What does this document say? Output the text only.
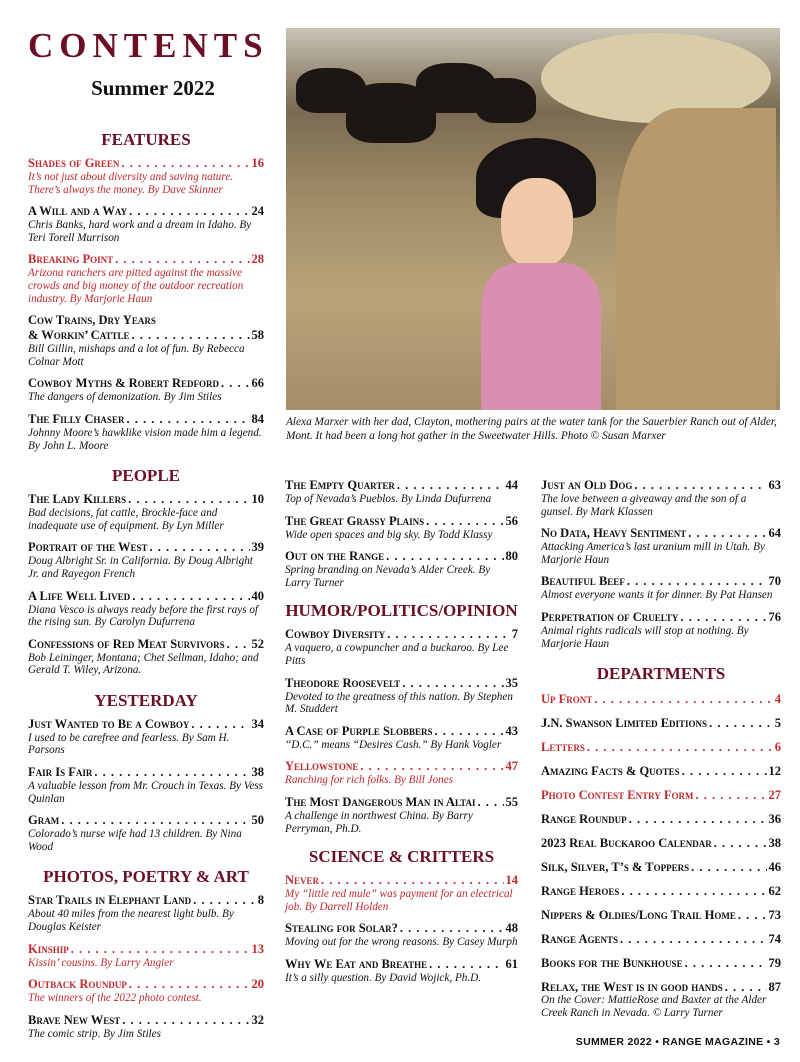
CONTENTS
Summer 2022
Alexa Marxer with her dad, Clayton, mothering pairs at the water tank for the Sauerbier Ranch out of Alder, Mont. It had been a long hot gather in the Sweetwater Hills. Photo © Susan Marxer
FEATURES
Shades of Green . . .	16
It’s not just about diversity and saving nature. There’s always the money. By Dave Skinner
A Will and a Way . . .	24
Chris Banks, hard work and a dream in Idaho. By Teri Torell Murrison
Breaking Point . . .	28
Arizona ranchers are pitted against the massive crowds and big money of the outdoor recreation industry. By Marjorie Haun
Cow Trains, Dry Years
& Workin’ Cattle . . .	58
Bill Gillin, mishaps and a lot of fun. By Rebecca Colnar Mott
Cowboy Myths & Robert Redford . . .	66
The dangers of demonization. By Jim Stiles
The Filly Chaser . . .	84
Johnny Moore’s hawklike vision made him a legend. By John L. Moore
PEOPLE
The Lady Killers . . .	10
Bad decisions, fat cattle, Brockle-face and inadequate use of equipment. By Lyn Miller
Portrait of the West . . .	39
Doug Albright Sr. in California. By Doug Albright Jr. and Rayegon French
A Life Well Lived . . .	40
Diana Vesco is always ready before the first rays of the rising sun. By Carolyn Dufurrena
Confessions of Red Meat Survivors . . . 52
Bob Leininger, Montana; Chet Sellman, Idaho; and Gerald T. Wiley, Arizona.
YESTERDAY
Just Wanted to Be a Cowboy . . .	34
I used to be carefree and fearless. By Sam H. Parsons
Fair Is Fair . . .	38
A valuable lesson from Mr. Crouch in Texas. By Vess Quinlan
Gram . . .	50
Colorado’s nurse wife had 13 children. By Nina Wood
PHOTOS, POETRY & ART
Star Trails in Elephant Land . . .	8
About 40 miles from the nearest light bulb. By Douglas Keister
Kinship . . .	13
Kissin’ cousins. By Larry Angier
Outback Roundup . . .	20
The winners of the 2022 photo contest.
Brave New West . . .	32
The comic strip. By Jim Stiles
The Empty Quarter . . .	44
Top of Nevada’s Pueblos. By Linda Dufurrena
The Great Grassy Plains . . .	56
Wide open spaces and big sky. By Todd Klassy
Out on the Range . . .	80
Spring branding on Nevada’s Alder Creek. By Larry Turner
HUMOR/POLITICS/OPINION
Cowboy Diversity . . .	7
A vaquero, a cowpuncher and a buckaroo. By Lee Pitts
Theodore Roosevelt . . .	35
Devoted to the greatness of this nation. By Stephen M. Studdert
A Case of Purple Slobbers . . .	43
“D.C.” means “Desires Cash.” By Hank Vogler
Yellowstone . . .	47
Ranching for rich folks. By Bill Jones
The Most Dangerous Man in Altai . . . 55
A challenge in northwest China. By Barry Perryman, Ph.D.
SCIENCE & CRITTERS
Never . . .	14
My “little red mule” was payment for an electrical job. By Darrell Holden
Stealing for Solar? . . .	48
Moving out for the wrong reasons. By Casey Murph
Why We Eat and Breathe . . .	61
It’s a silly question. By David Wojick, Ph.D.
Just an Old Dog . . .	63
The love between a giveaway and the son of a gunsel. By Mark Klassen
No Data, Heavy Sentiment . . .	64
Attacking America’s last uranium mill in Utah. By Marjorie Haun
Beautiful Beef . . .	70
Almost everyone wants it for dinner. By Pat Hansen
Perpetration of Cruelty . . .	76
Animal rights radicals will stop at nothing. By Marjorie Haun
DEPARTMENTS
Up Front . . .	4
J.N. Swanson Limited Editions . . .	5
Letters . . .	6
Amazing Facts & Quotes . . .	12
Photo Contest Entry Form . . .	27
Range Roundup . . .	36
2023 Real Buckaroo Calendar . . .	38
Silk, Silver, T’s & Toppers . . .	46
Range Heroes . . .	62
Nippers & Oldies/Long Trail Home . . .	73
Range Agents . . .	74
Books for the Bunkhouse . . .	79
Relax, the West is in good hands . . .	87
On the Cover: MattieRose and Baxter at the Alder Creek Ranch in Nevada. © Larry Turner
SUMMER 2022 • RANGE MAGAZINE • 3
